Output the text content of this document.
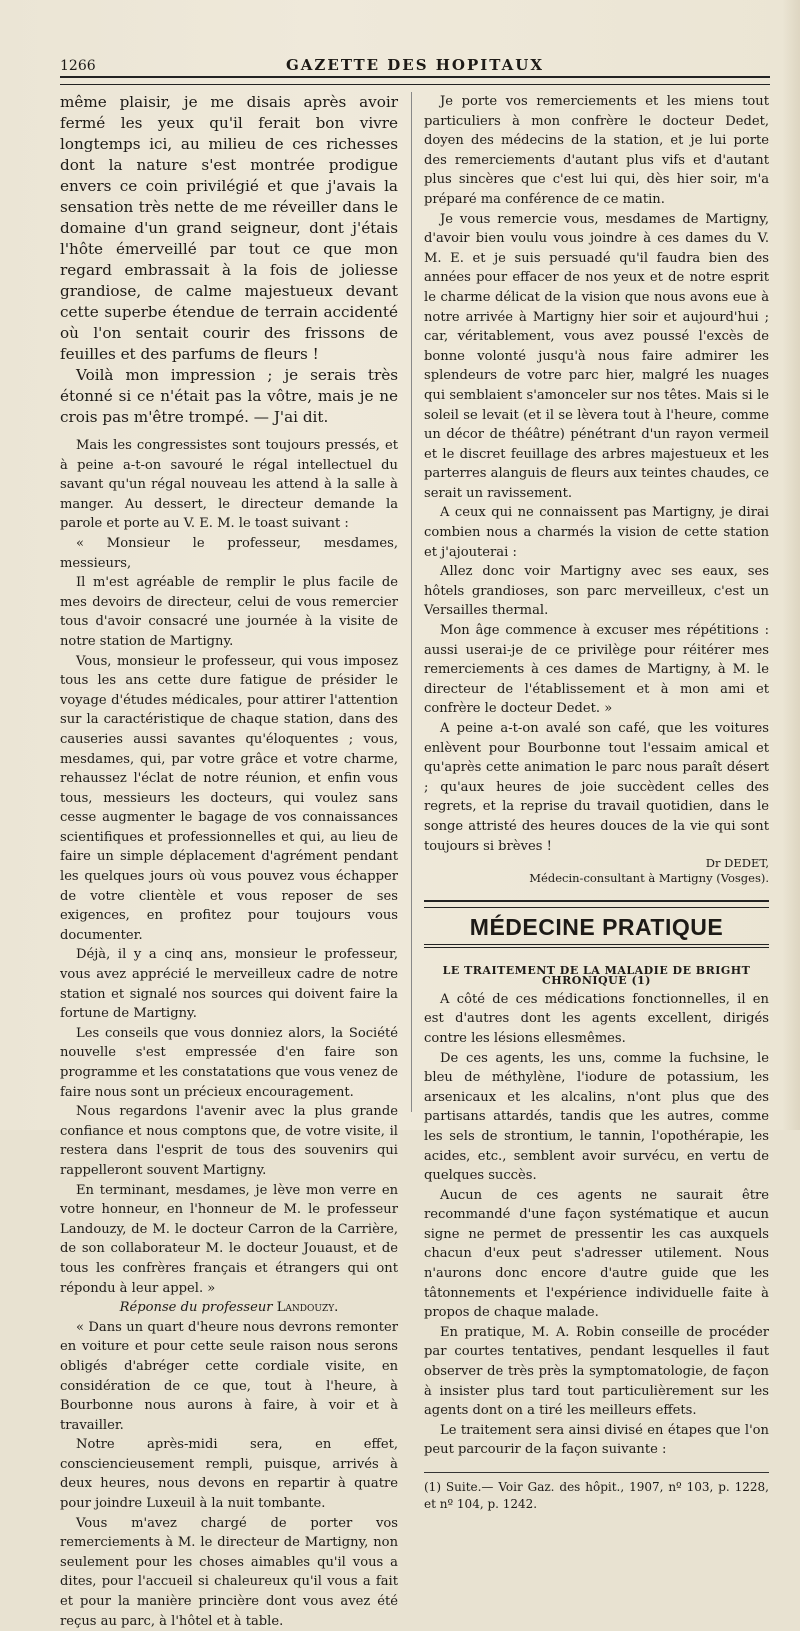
1266	GAZETTE DES HOPITAUX

même plaisir, je me disais après avoir fermé les yeux qu'il ferait bon vivre longtemps ici, au milieu de ces richesses dont la nature s'est montrée prodigue envers ce coin privilégié et que j'avais la sensation très nette de me réveiller dans le domaine d'un grand seigneur, dont j'étais l'hôte émerveillé par tout ce que mon regard embrassait à la fois de joliesse grandiose, de calme majestueux devant cette superbe étendue de terrain accidenté où l'on sentait courir des frissons de feuilles et des parfums de fleurs !

Voilà mon impression ; je serais très étonné si ce n'était pas la vôtre, mais je ne crois pas m'être trompé. — J'ai dit.

Mais les congressistes sont toujours pressés, et à peine a-t-on savouré le régal intellectuel du savant qu'un régal nouveau les attend à la salle à manger. Au dessert, le directeur demande la parole et porte au V. E. M. le toast suivant :

« Monsieur le professeur, mesdames, messieurs,

Il m'est agréable de remplir le plus facile de mes devoirs de directeur, celui de vous remercier tous d'avoir consacré une journée à la visite de notre station de Martigny.

Vous, monsieur le professeur, qui vous imposez tous les ans cette dure fatigue de présider le voyage d'études médicales, pour attirer l'attention sur la caractéristique de chaque station, dans des causeries aussi savantes qu'éloquentes ; vous, mesdames, qui, par votre grâce et votre charme, rehaussez l'éclat de notre réunion, et enfin vous tous, messieurs les docteurs, qui voulez sans cesse augmenter le bagage de vos connaissances scientifiques et professionnelles et qui, au lieu de faire un simple déplacement d'agrément pendant les quelques jours où vous pouvez vous échapper de votre clientèle et vous reposer de ses exigences, en profitez pour toujours vous documenter.

Déjà, il y a cinq ans, monsieur le professeur, vous avez apprécié le merveilleux cadre de notre station et signalé nos sources qui doivent faire la fortune de Martigny.

Les conseils que vous donniez alors, la Société nouvelle s'est empressée d'en faire son programme et les constatations que vous venez de faire nous sont un précieux encouragement.

Nous regardons l'avenir avec la plus grande confiance et nous comptons que, de votre visite, il restera dans l'esprit de tous des souvenirs qui rappelleront souvent Martigny.

En terminant, mesdames, je lève mon verre en votre honneur, en l'honneur de M. le professeur Landouzy, de M. le docteur Carron de la Carrière, de son collaborateur M. le docteur Jouaust, et de tous les confrères français et étrangers qui ont répondu à leur appel. »

Réponse du professeur Landouzy.

« Dans un quart d'heure nous devrons remonter en voiture et pour cette seule raison nous serons obligés d'abréger cette cordiale visite, en considération de ce que, tout à l'heure, à Bourbonne nous aurons à faire, à voir et à travailler.

Notre après-midi sera, en effet, consciencieusement rempli, puisque, arrivés à deux heures, nous devons en repartir à quatre pour joindre Luxeuil à la nuit tombante.

Vous m'avez chargé de porter vos remerciements à M. le directeur de Martigny, non seulement pour les choses aimables qu'il vous a dites, pour l'accueil si chaleureux qu'il vous a fait et pour la manière princière dont vous avez été reçus au parc, à l'hôtel et à table.

Je porte vos remerciements et les miens tout particuliers à mon confrère le docteur Dedet, doyen des médecins de la station, et je lui porte des remerciements d'autant plus vifs et d'autant plus sincères que c'est lui qui, dès hier soir, m'a préparé ma conférence de ce matin.

Je vous remercie vous, mesdames de Martigny, d'avoir bien voulu vous joindre à ces dames du V. M. E. et je suis persuadé qu'il faudra bien des années pour effacer de nos yeux et de notre esprit le charme délicat de la vision que nous avons eue à notre arrivée à Martigny hier soir et aujourd'hui ; car, véritablement, vous avez poussé l'excès de bonne volonté jusqu'à nous faire admirer les splendeurs de votre parc hier, malgré les nuages qui semblaient s'amonceler sur nos têtes. Mais si le soleil se levait (et il se lèvera tout à l'heure, comme un décor de théâtre) pénétrant d'un rayon vermeil et le discret feuillage des arbres majestueux et les parterres alanguis de fleurs aux teintes chaudes, ce serait un ravissement.

A ceux qui ne connaissent pas Martigny, je dirai combien nous a charmés la vision de cette station et j'ajouterai :

Allez donc voir Martigny avec ses eaux, ses hôtels grandioses, son parc merveilleux, c'est un Versailles thermal.

Mon âge commence à excuser mes répétitions : aussi userai-je de ce privilège pour réitérer mes remerciements à ces dames de Martigny, à M. le directeur de l'établissement et à mon ami et confrère le docteur Dedet. »

A peine a-t-on avalé son café, que les voitures enlèvent pour Bourbonne tout l'essaim amical et qu'après cette animation le parc nous paraît désert ; qu'aux heures de joie succèdent celles des regrets, et la reprise du travail quotidien, dans le songe attristé des heures douces de la vie qui sont toujours si brèves !

Dr DEDET,

Médecin-consultant à Martigny (Vosges).

MÉDECINE PRATIQUE

LE TRAITEMENT DE LA MALADIE DE BRIGHT

CHRONIQUE (1)

A côté de ces médications fonctionnelles, il en est d'autres dont les agents excellent, dirigés contre les lésions ellesmêmes.

De ces agents, les uns, comme la fuchsine, le bleu de méthylène, l'iodure de potassium, les arsenicaux et les alcalins, n'ont plus que des partisans attardés, tandis que les autres, comme les sels de strontium, le tannin, l'opothérapie, les acides, etc., semblent avoir survécu, en vertu de quelques succès.

Aucun de ces agents ne saurait être recommandé d'une façon systématique et aucun signe ne permet de pressentir les cas auxquels chacun d'eux peut s'adresser utilement. Nous n'aurons donc encore d'autre guide que les tâtonnements et l'expérience individuelle faite à propos de chaque malade.

En pratique, M. A. Robin conseille de procéder par courtes tentatives, pendant lesquelles il faut observer de très près la symptomatologie, de façon à insister plus tard tout particulièrement sur les agents dont on a tiré les meilleurs effets.

Le traitement sera ainsi divisé en étapes que l'on peut parcourir de la façon suivante :

(1) Suite.— Voir Gaz. des hôpit., 1907, nº 103, p. 1228, et nº 104, p. 1242.
